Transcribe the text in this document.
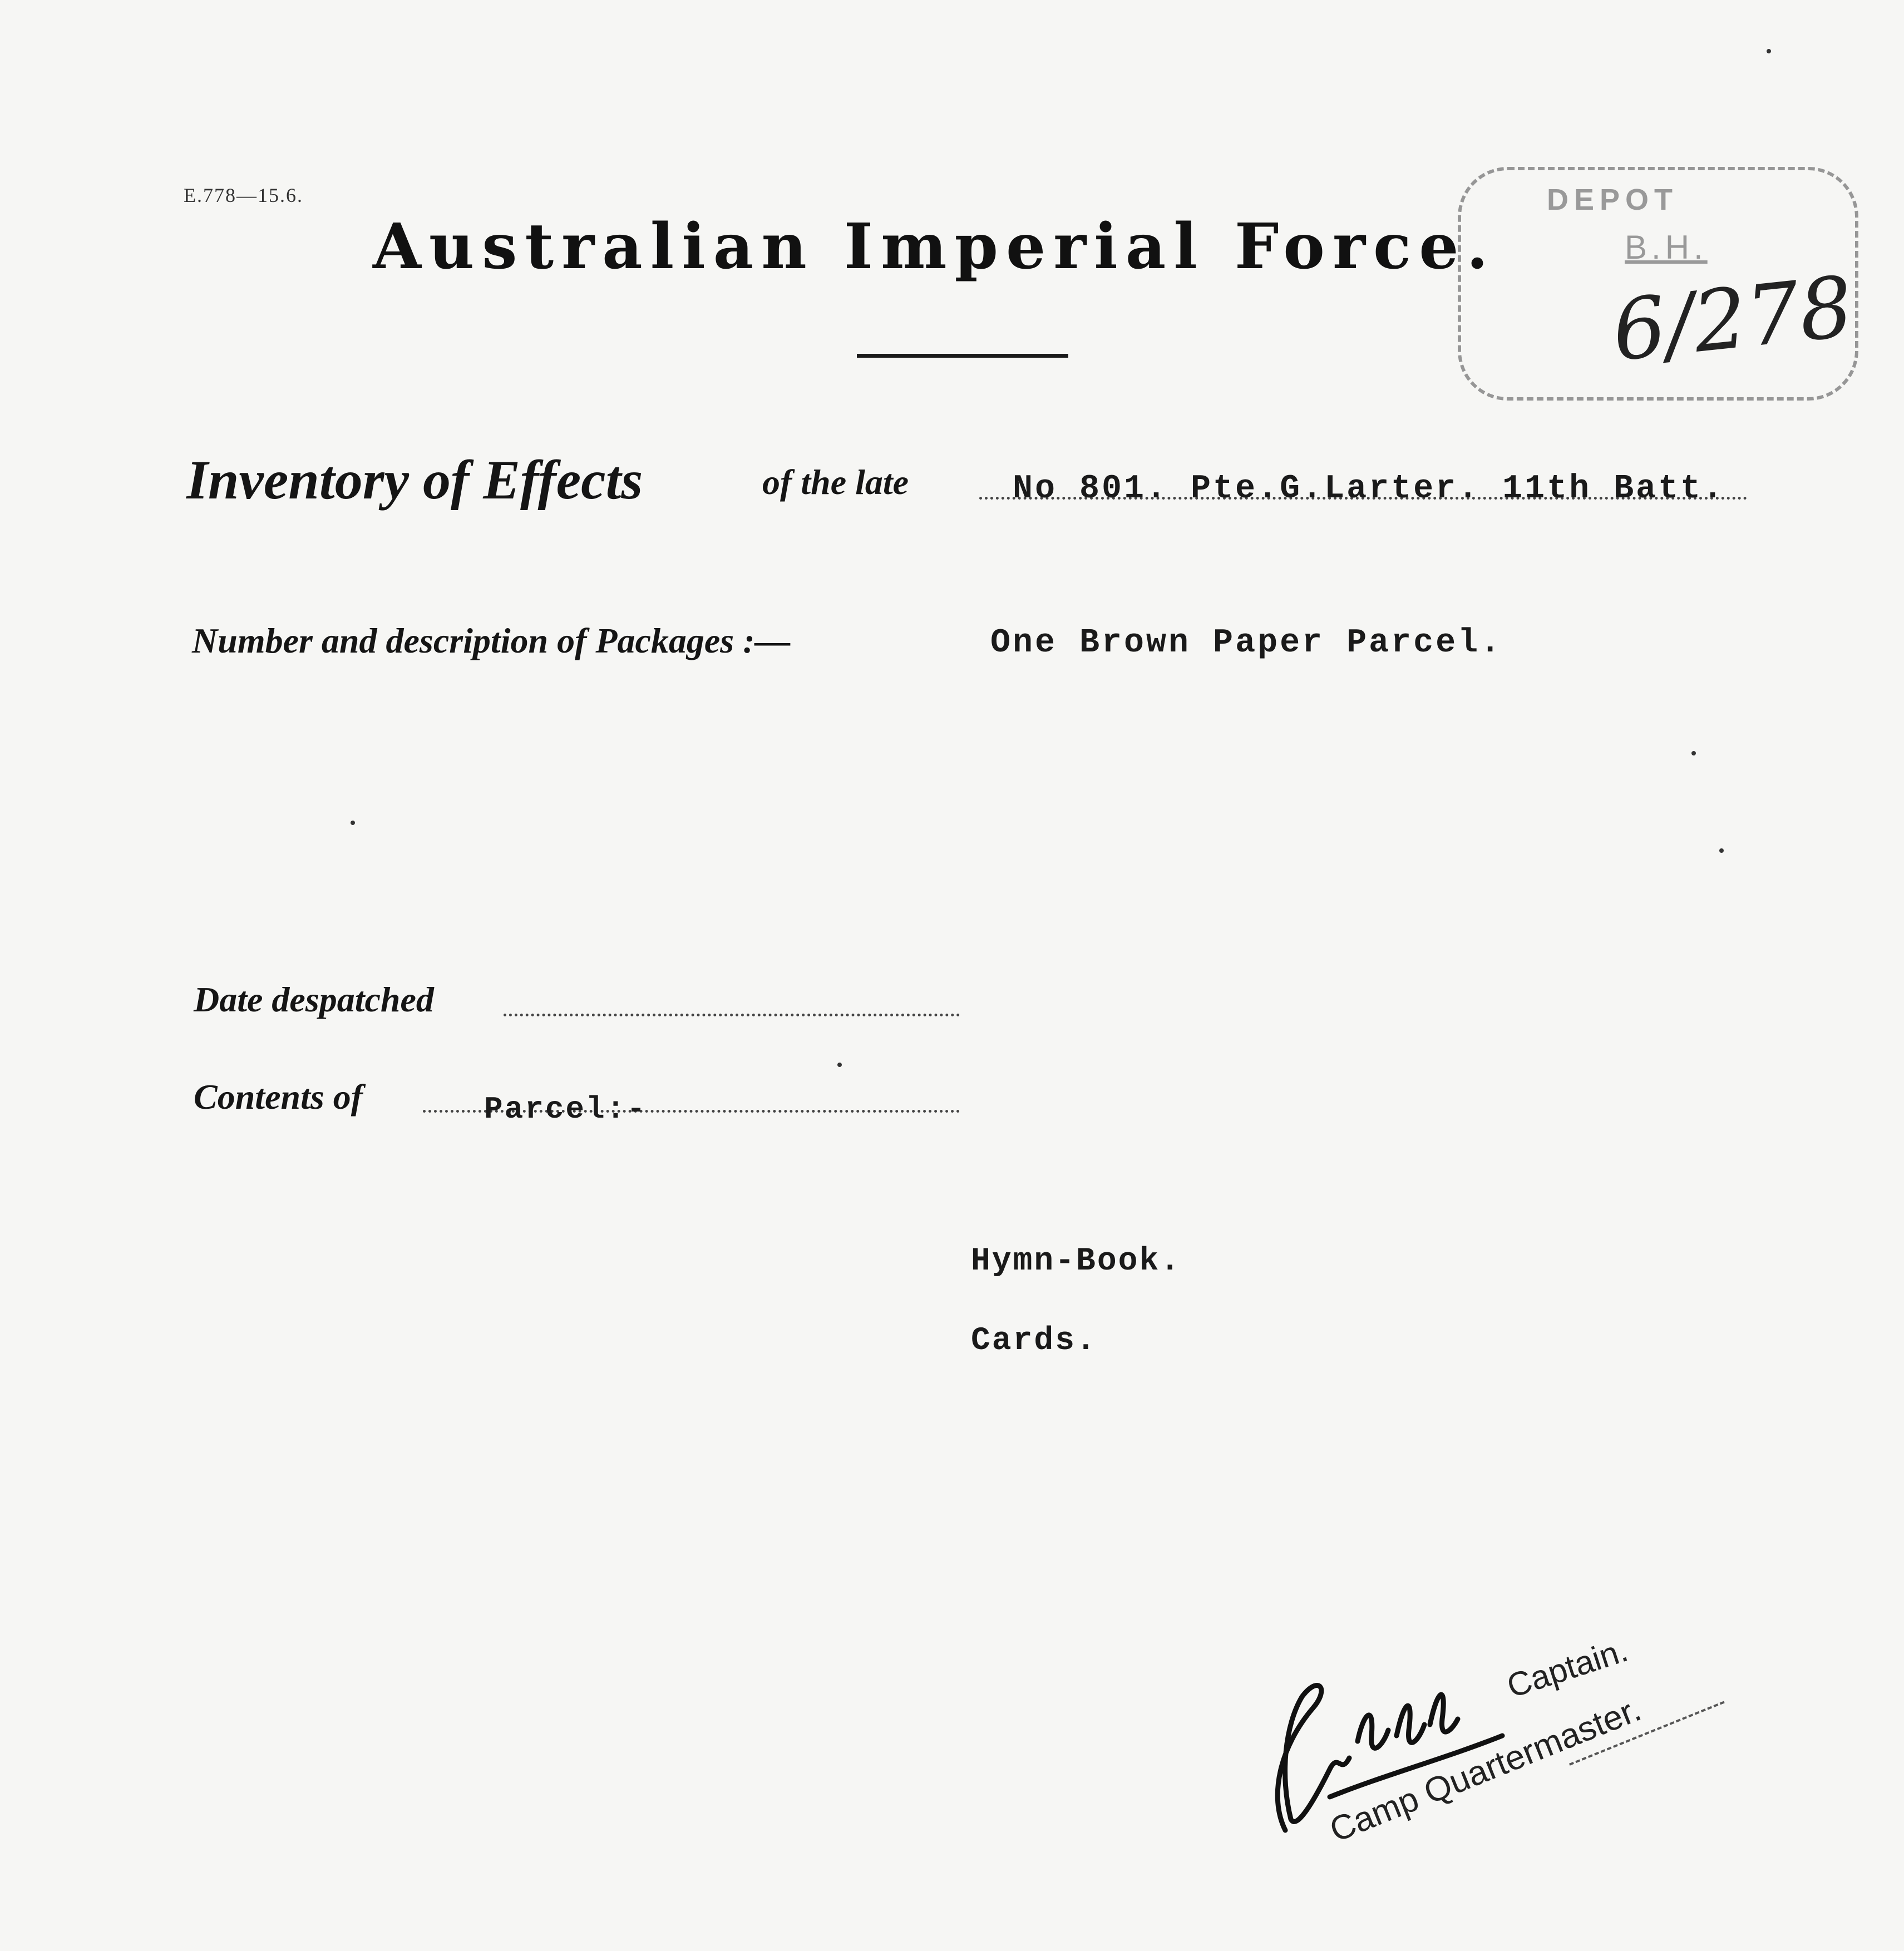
E.778—15.6.
Australian Imperial Force.
DEPOT
B.H.
6/278
Inventory of Effects	of the late	No 801. Pte.G.Larter. 11th Batt.
Number and description of Packages :—	One Brown Paper Parcel.
Date despatched
Contents of	Parcel:-
Hymn-Book.
Cards.
Captain.
Camp Quartermaster.
